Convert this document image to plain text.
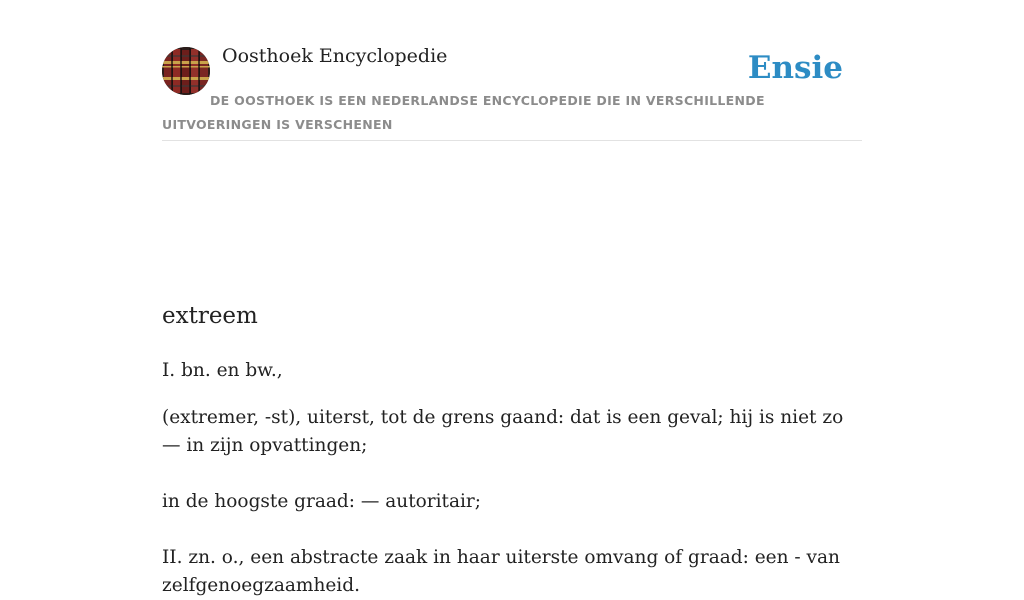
Oosthoek Encyclopedie	Ensie
DE OOSTHOEK IS EEN NEDERLANDSE ENCYCLOPEDIE DIE IN VERSCHILLENDE UITVOERINGEN IS VERSCHENEN
extreem

I. bn. en bw.,

(extremer, -st), uiterst, tot de grens gaand: dat is een geval; hij is niet zo — in zijn opvattingen;

in de hoogste graad: — autoritair;

II. zn. o., een abstracte zaak in haar uiterste omvang of graad: een - van zelfgenoegzaamheid.
